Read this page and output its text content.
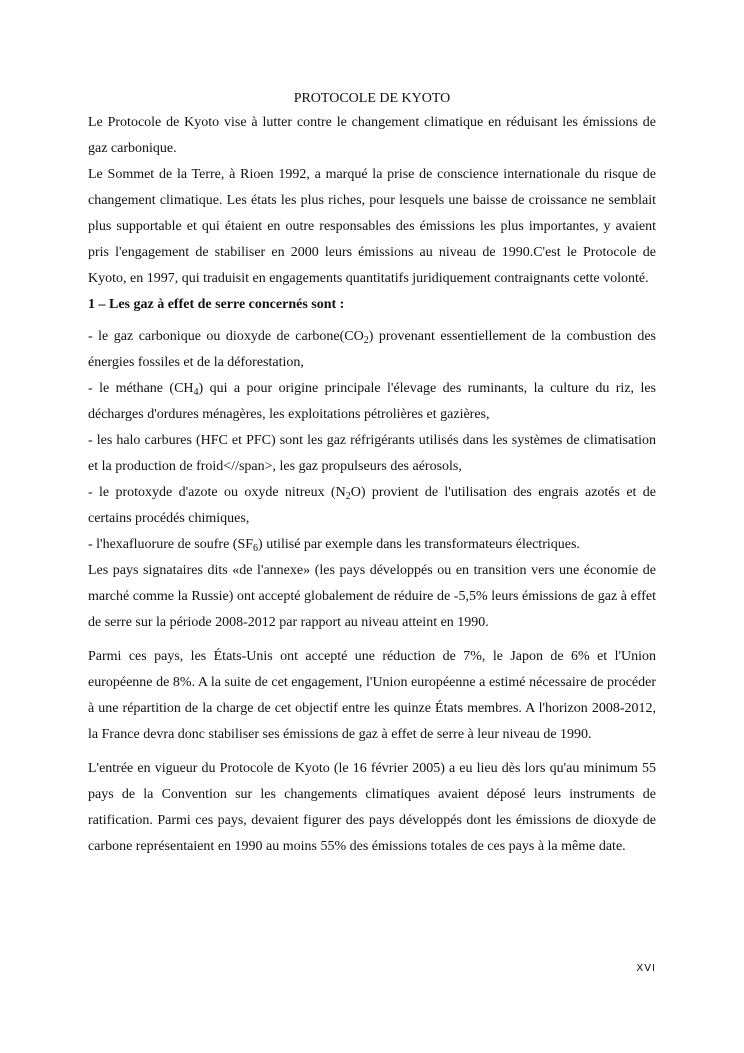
PROTOCOLE DE KYOTO

Le Protocole de Kyoto vise à lutter contre le changement climatique en réduisant les émissions de gaz carbonique.

Le Sommet de la Terre, à Rioen 1992, a marqué la prise de conscience internationale du risque de changement climatique. Les états les plus riches, pour lesquels une baisse de croissance ne semblait plus supportable et qui étaient en outre responsables des émissions les plus importantes, y avaient pris l'engagement de stabiliser en 2000 leurs émissions au niveau de 1990.C'est le Protocole de Kyoto, en 1997, qui traduisit en engagements quantitatifs juridiquement contraignants cette volonté.

1 – Les gaz à effet de serre concernés sont :

- le gaz carbonique ou dioxyde de $carbone(CO_2)$ provenant essentiellement de la combustion des énergies fossiles et de la déforestation,

- le méthane $(CH_4)$ qui a pour origine principale l'élevage des ruminants, la culture du riz, les décharges d'ordures ménagères, les exploitations pétrolières et gazières,

- les halo carbures (HFC et PFC) sont les gaz réfrigérants utilisés dans les systèmes de climatisation et la production de froid<//span>, les gaz propulseurs des aérosols,

- le protoxyde d'azote ou oxyde nitreux $(N_2O)$ provient de l'utilisation des engrais azotés et de certains procédés chimiques,

- l'hexafluorure de soufre $(SF_6)$ utilisé par exemple dans les transformateurs électriques.

Les pays signataires dits «de l'annexe» (les pays développés ou en transition vers une économie de marché comme la Russie) ont accepté globalement de réduire de -5,5% leurs émissions de gaz à effet de serre sur la période 2008-2012 par rapport au niveau atteint en 1990.

Parmi ces pays, les États-Unis ont accepté une réduction de 7%, le Japon de 6% et l'Union européenne de 8%. A la suite de cet engagement, l'Union européenne a estimé nécessaire de procéder à une répartition de la charge de cet objectif entre les quinze États membres. A l'horizon 2008-2012, la France devra donc stabiliser ses émissions de gaz à effet de serre à leur niveau de 1990.

L'entrée en vigueur du Protocole de Kyoto (le 16 février 2005) a eu lieu dès lors qu'au minimum 55 pays de la Convention sur les changements climatiques avaient déposé leurs instruments de ratification. Parmi ces pays, devaient figurer des pays développés dont les émissions de dioxyde de carbone représentaient en 1990 au moins 55% des émissions totales de ces pays à la même date.

XVI
